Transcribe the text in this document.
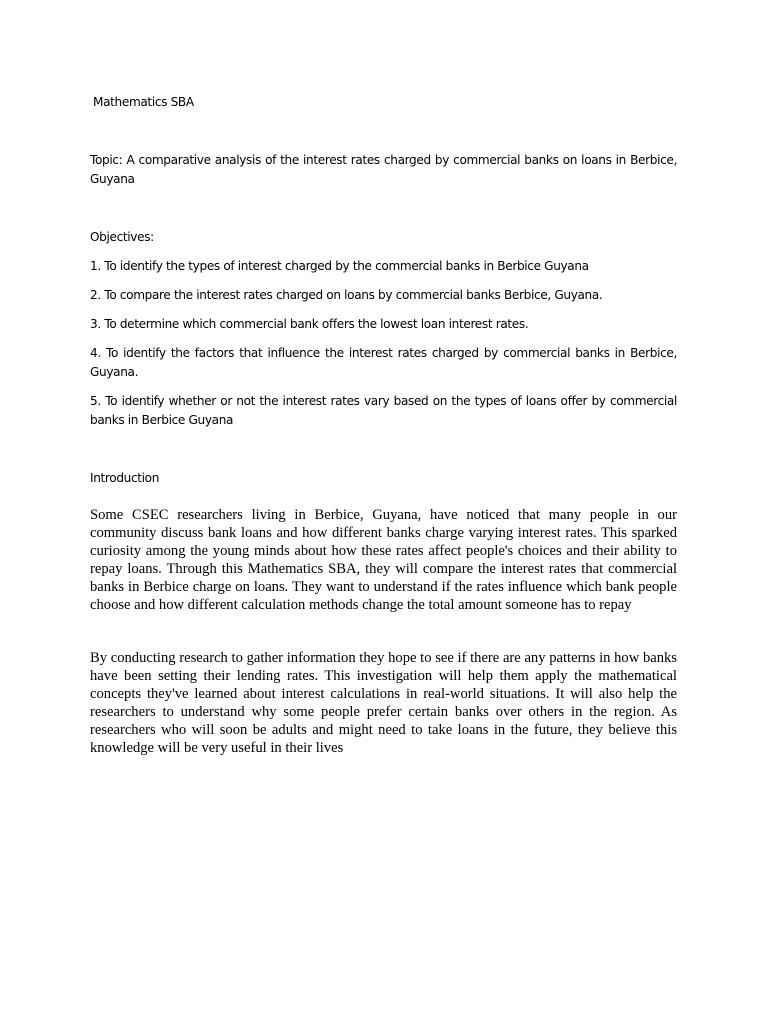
Mathematics SBA

Topic: A comparative analysis of the interest rates charged by commercial banks on loans in Berbice, Guyana

Objectives:

1. To identify the types of interest charged by the commercial banks in Berbice Guyana

2. To compare the interest rates charged on loans by commercial banks Berbice, Guyana.

3. To determine which commercial bank offers the lowest loan interest rates.

4. To identify the factors that influence the interest rates charged by commercial banks in Berbice, Guyana.

5. To identify whether or not the interest rates vary based on the types of loans offer by commercial banks in Berbice Guyana

Introduction

Some CSEC researchers living in Berbice, Guyana, have noticed that many people in our community discuss bank loans and how different banks charge varying interest rates. This sparked curiosity among the young minds about how these rates affect people's choices and their ability to repay loans. Through this Mathematics SBA, they will compare the interest rates that commercial banks in Berbice charge on loans. They want to understand if the rates influence which bank people choose and how different calculation methods change the total amount someone has to repay

By conducting research to gather information they hope to see if there are any patterns in how banks have been setting their lending rates. This investigation will help them apply the mathematical concepts they've learned about interest calculations in real-world situations. It will also help the researchers to understand why some people prefer certain banks over others in the region. As researchers who will soon be adults and might need to take loans in the future, they believe this knowledge will be very useful in their lives
